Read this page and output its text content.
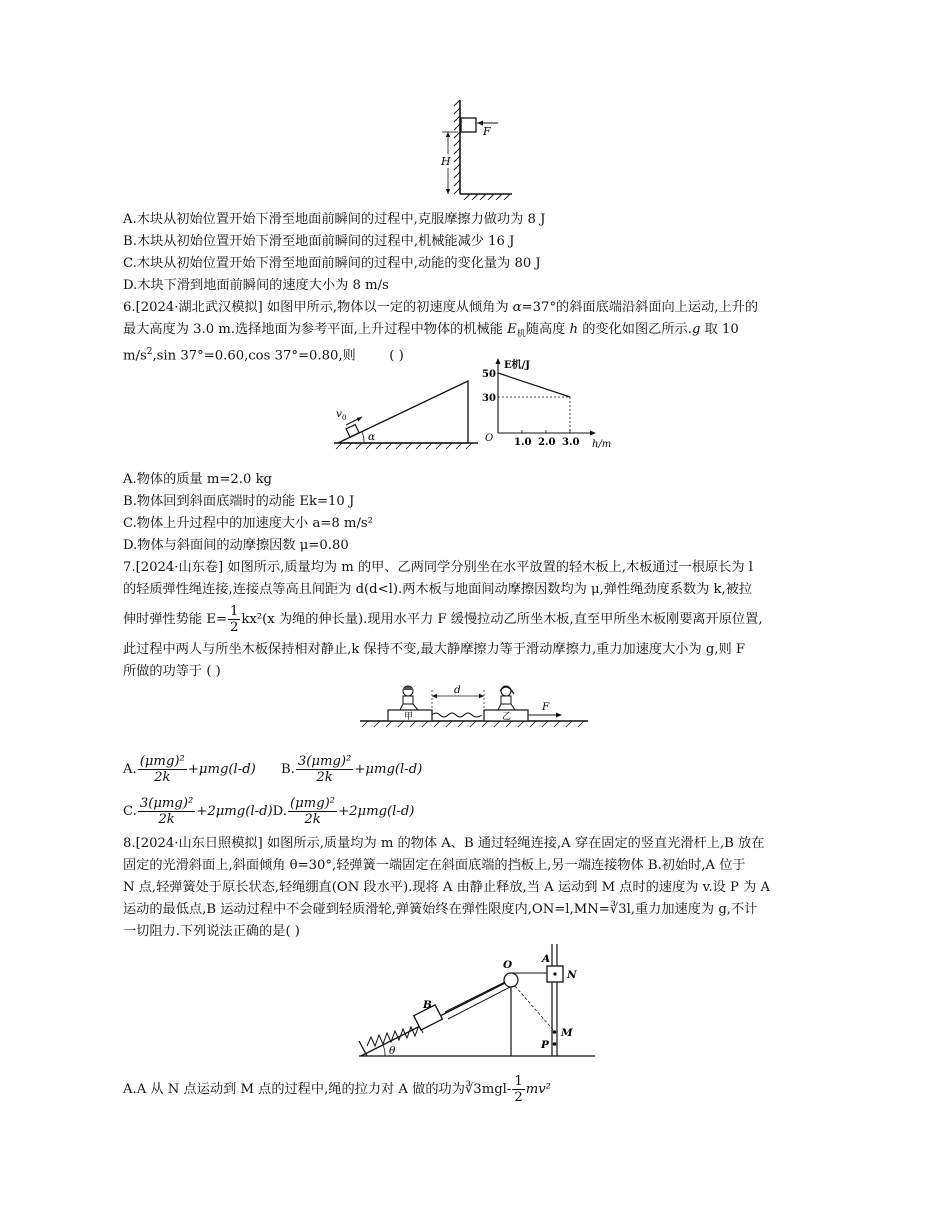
F
H
A.木块从初始位置开始下滑至地面前瞬间的过程中,克服摩擦力做功为 8 J
B.木块从初始位置开始下滑至地面前瞬间的过程中,机械能减少 16 J
C.木块从初始位置开始下滑至地面前瞬间的过程中,动能的变化量为 80 J
D.木块下滑到地面前瞬间的速度大小为 8 m/s
6.[2024·湖北武汉模拟] 如图甲所示,物体以一定的初速度从倾角为 α=37°的斜面底端沿斜面向上运动,上升的
最大高度为 3.0 m.选择地面为参考平面,上升过程中物体的机械能 $E_机$随高度 h 的变化如图乙所示.g 取 10
$m/s^2,\sin$ 37°=0.60,cos 37°=0.80,则	( )
$v_0$
α
E机/J
h/m
O
50
30
1.0 2.0 3.0
A.物体的质量 m=2.0 kg
B.物体回到斜面底端时的动能 Ek=10 J
C.物体上升过程中的加速度大小 a=8 m/s²
D.物体与斜面间的动摩擦因数 μ=0.80
7.[2024·山东卷] 如图所示,质量均为 m 的甲、乙两同学分别坐在水平放置的轻木板上,木板通过一根原长为 l
的轻质弹性绳连接,连接点等高且间距为 d(d<l).两木板与地面间动摩擦因数均为 μ,弹性绳劲度系数为 k,被拉
伸时弹性势能 $E= \frac{1}{2} kx^2(x$ 为绳的伸长量).现用水平力 F 缓慢拉动乙所坐木板,直至甲所坐木板刚要离开原位置,
此过程中两人与所坐木板保持相对静止,k 保持不变,最大静摩擦力等于滑动摩擦力,重力加速度大小为 g,则 F
所做的功等于 ( )
甲	乙
d
F
A. $\frac{\text{(μmg)²}}{2k} +\mu mg(l-d)$ B. $\frac{\text{3(μmg)²}}{2k} +\mu mg(l-d)$
C. $\frac{\text{3(μmg)²}}{2k} +2\mu mg(l-d)D$. $\frac{\text{(μmg)²}}{2k} +2\mu mg(l-d)$
8.[2024·山东日照模拟] 如图所示,质量均为 m 的物体 A、B 通过轻绳连接,A 穿在固定的竖直光滑杆上,B 放在
固定的光滑斜面上,斜面倾角 θ=30°,轻弹簧一端固定在斜面底端的挡板上,另一端连接物体 B.初始时,A 位于
N 点,轻弹簧处于原长状态,轻绳绷直(ON 段水平).现将 A 由静止释放,当 A 运动到 M 点时的速度为 v.设 P 为 A
运动的最低点,B 运动过程中不会碰到轻质滑轮,弹簧始终在弹性限度内,ON=l,MN=∛3l,重力加速度为 g,不计
一切阻力.下列说法正确的是( )
B
O	A
N
M
P
θ
A.A 从 N 点运动到 M 点的过程中,绳的拉力对 A 做的功为∛3mgl- $\frac{1}{2} mv^2$
